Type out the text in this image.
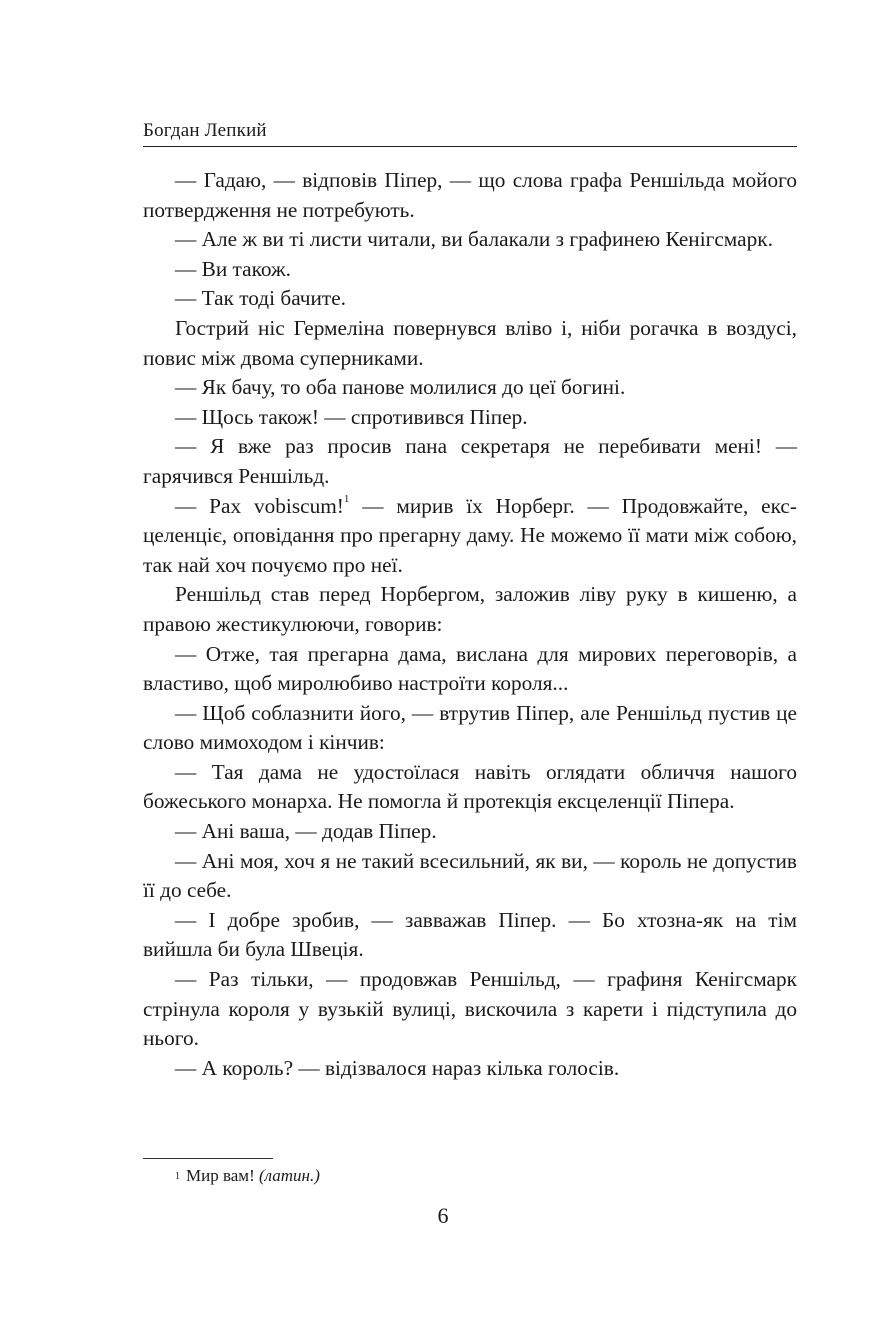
Богдан Лепкий

— Гадаю, — відповів Піпер, — що слова графа Реншільда мойого потвердження не потребують.

— Але ж ви ті листи читали, ви балакали з графинею Кенігсмарк.

— Ви також.

— Так тоді бачите.

Гострий ніс Гермеліна повернувся вліво і, ніби рогачка в воздусі, повис між двома суперниками.

— Як бачу, то оба панове молилися до цеї богині.

— Щось також! — спротивився Піпер.

— Я вже раз просив пана секретаря не перебивати мені! — гарячився Реншільд.

— Pax vobiscum!$^1$ — мирив їх Норберг. — Продовжайте, ексцеленціє, оповідання про прегарну даму. Не можемо її мати між собою, так най хоч почуємо про неї.

Реншільд став перед Норбергом, заложив ліву руку в кишеню, а правою жестикулюючи, говорив:

— Отже, тая прегарна дама, вислана для мирових переговорів, а властиво, щоб миролюбиво настроїти короля...

— Щоб соблазнити його, — втрутив Піпер, але Реншільд пустив це слово мимоходом і кінчив:

— Тая дама не удостоїлася навіть оглядати обличчя нашого божеського монарха. Не помогла й протекція ексцеленції Піпера.

— Ані ваша, — додав Піпер.

— Ані моя, хоч я не такий всесильний, як ви, — король не допустив її до себе.

— І добре зробив, — завважав Піпер. — Бо хтозна-як на тім вийшла би була Швеція.

— Раз тільки, — продовжав Реншільд, — графиня Кенігсмарк стрінула короля у вузькій вулиці, вискочила з карети і підступила до нього.

— А король? — відізвалося нараз кілька голосів.

$^1$ Мир вам! (латин.)
6
